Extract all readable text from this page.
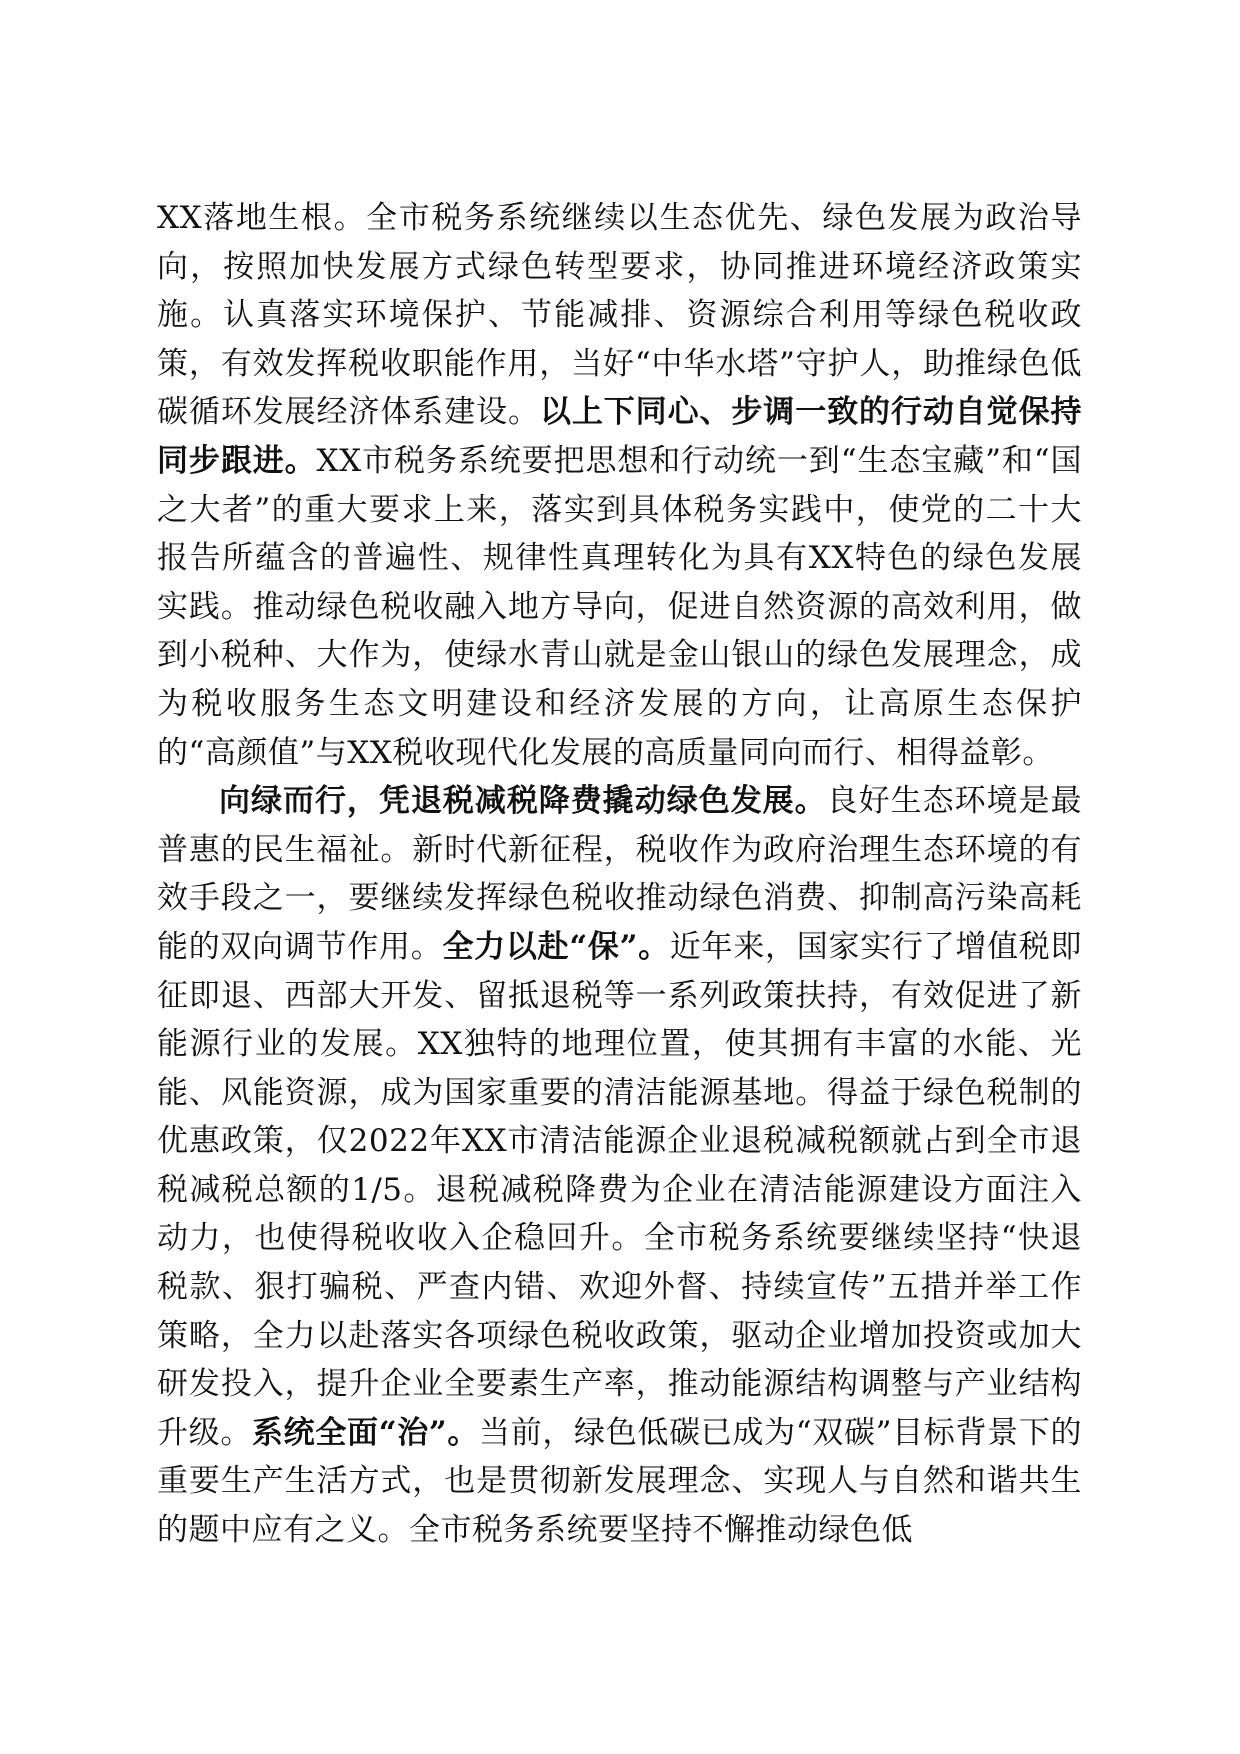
XX落地生根。全市税务系统继续以生态优先、绿色发展为政治导向，按照加快发展方式绿色转型要求，协同推进环境经济政策实施。认真落实环境保护、节能减排、资源综合利用等绿色税收政策，有效发挥税收职能作用，当好“中华水塔”守护人，助推绿色低碳循环发展经济体系建设。以上下同心、步调一致的行动自觉保持同步跟进。XX市税务系统要把思想和行动统一到“生态宝藏”和“国之大者”的重大要求上来，落实到具体税务实践中，使党的二十大报告所蕴含的普遍性、规律性真理转化为具有XX特色的绿色发展实践。推动绿色税收融入地方导向，促进自然资源的高效利用，做到小税种、大作为，使绿水青山就是金山银山的绿色发展理念，成为税收服务生态文明建设和经济发展的方向，让高原生态保护的“高颜值”与XX税收现代化发展的高质量同向而行、相得益彰。

向绿而行，凭退税减税降费撬动绿色发展。良好生态环境是最普惠的民生福祉。新时代新征程，税收作为政府治理生态环境的有效手段之一，要继续发挥绿色税收推动绿色消费、抑制高污染高耗能的双向调节作用。全力以赴“保”。近年来，国家实行了增值税即征即退、西部大开发、留抵退税等一系列政策扶持，有效促进了新能源行业的发展。XX独特的地理位置，使其拥有丰富的水能、光能、风能资源，成为国家重要的清洁能源基地。得益于绿色税制的优惠政策，仅2022年XX市清洁能源企业退税减税额就占到全市退税减税总额的1/5。退税减税降费为企业在清洁能源建设方面注入动力，也使得税收收入企稳回升。全市税务系统要继续坚持“快退税款、狠打骗税、严查内错、欢迎外督、持续宣传”五措并举工作策略，全力以赴落实各项绿色税收政策，驱动企业增加投资或加大研发投入，提升企业全要素生产率，推动能源结构调整与产业结构升级。系统全面“治”。当前，绿色低碳已成为“双碳”目标背景下的重要生产生活方式，也是贯彻新发展理念、实现人与自然和谐共生的题中应有之义。全市税务系统要坚持不懈推动绿色低
